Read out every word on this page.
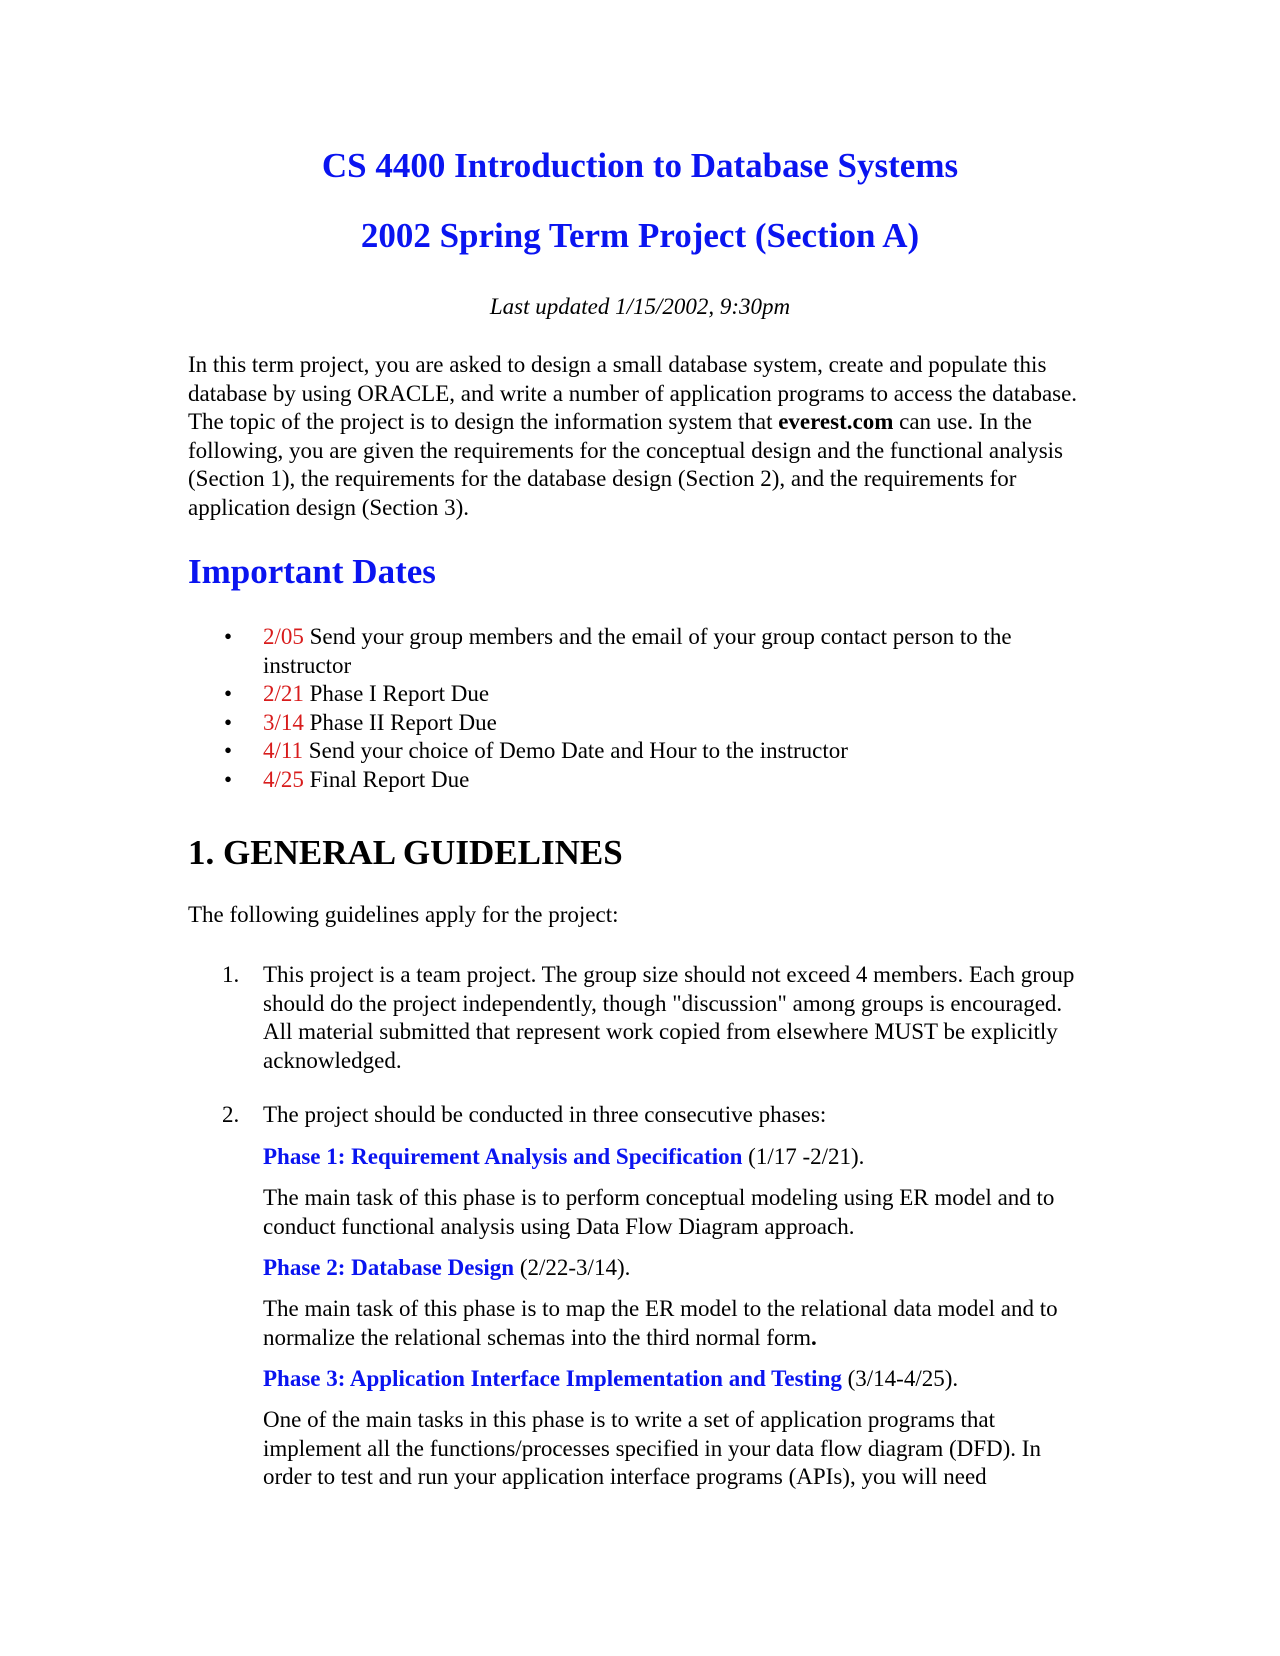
CS 4400 Introduction to Database Systems
2002 Spring Term Project (Section A)

Last updated 1/15/2002, 9:30pm

In this term project, you are asked to design a small database system, create and populate this database by using ORACLE, and write a number of application programs to access the database. The topic of the project is to design the information system that everest.com can use. In the following, you are given the requirements for the conceptual design and the functional analysis (Section 1), the requirements for the database design (Section 2), and the requirements for application design (Section 3).

Important Dates
• 2/05 Send your group members and the email of your group contact person to the instructor
• 2/21 Phase I Report Due
• 3/14 Phase II Report Due
• 4/11 Send your choice of Demo Date and Hour to the instructor
• 4/25 Final Report Due
1. GENERAL GUIDELINES

The following guidelines apply for the project:

1. This project is a team project. The group size should not exceed 4 members. Each group should do the project independently, though "discussion" among groups is encouraged. All material submitted that represent work copied from elsewhere MUST be explicitly acknowledged.

2. The project should be conducted in three consecutive phases:

Phase 1: Requirement Analysis and Specification (1/17 -2/21).

The main task of this phase is to perform conceptual modeling using ER model and to conduct functional analysis using Data Flow Diagram approach.

Phase 2: Database Design (2/22-3/14).

The main task of this phase is to map the ER model to the relational data model and to normalize the relational schemas into the third normal form.

Phase 3: Application Interface Implementation and Testing (3/14-4/25).

One of the main tasks in this phase is to write a set of application programs that implement all the functions/processes specified in your data flow diagram (DFD). In order to test and run your application interface programs (APIs), you will need
